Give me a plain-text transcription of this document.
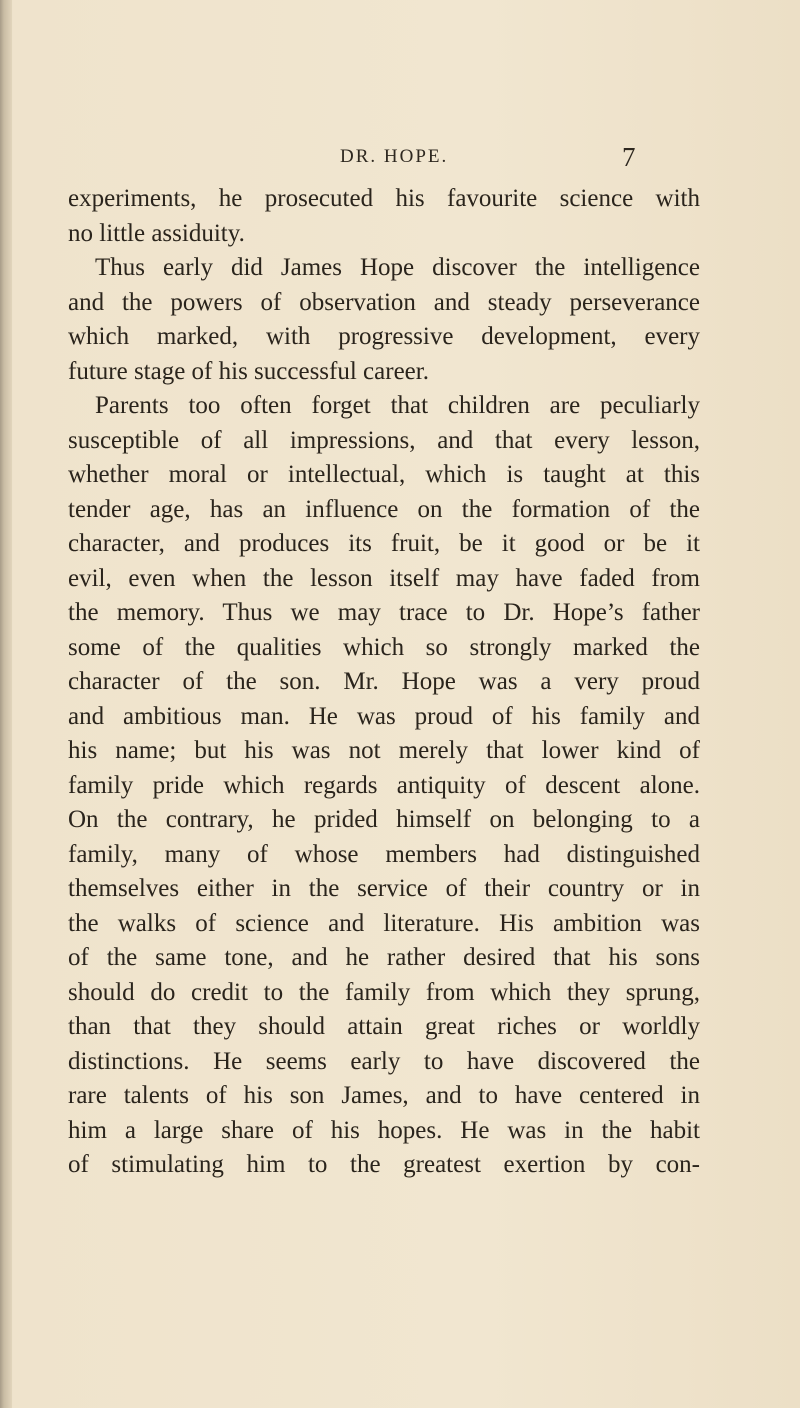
DR. HOPE.	7
experiments, he prosecuted his favourite science with
no little assiduity.
Thus early did James Hope discover the intelligence
and the powers of observation and steady perseverance
which marked, with progressive development, every
future stage of his successful career.
Parents too often forget that children are peculiarly
susceptible of all impressions, and that every lesson,
whether moral or intellectual, which is taught at this
tender age, has an influence on the formation of the
character, and produces its fruit, be it good or be it
evil, even when the lesson itself may have faded from
the memory. Thus we may trace to Dr. Hope’s father
some of the qualities which so strongly marked the
character of the son. Mr. Hope was a very proud
and ambitious man. He was proud of his family and
his name; but his was not merely that lower kind of
family pride which regards antiquity of descent alone.
On the contrary, he prided himself on belonging to a
family, many of whose members had distinguished
themselves either in the service of their country or in
the walks of science and literature. His ambition was
of the same tone, and he rather desired that his sons
should do credit to the family from which they sprung,
than that they should attain great riches or worldly
distinctions. He seems early to have discovered the
rare talents of his son James, and to have centered in
him a large share of his hopes. He was in the habit
of stimulating him to the greatest exertion by con-
